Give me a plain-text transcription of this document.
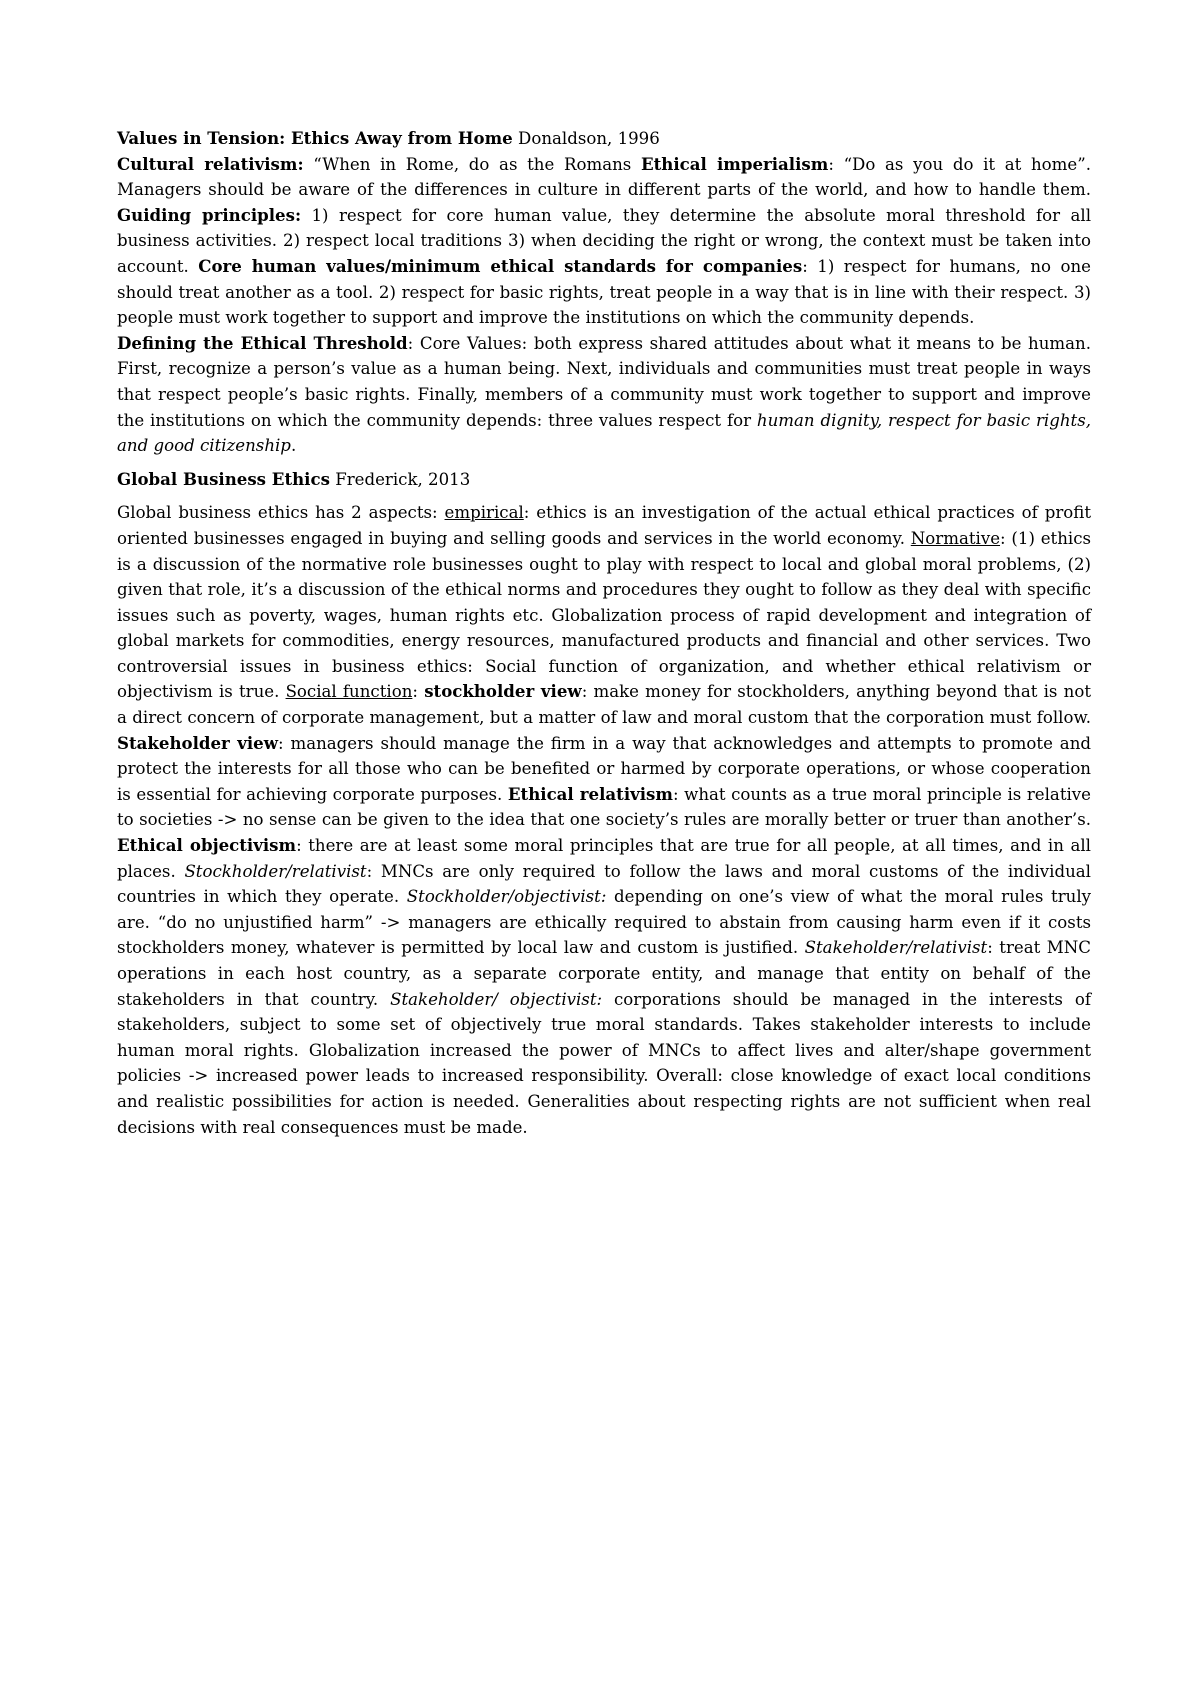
Values in Tension: Ethics Away from Home Donaldson, 1996
Cultural relativism: “When in Rome, do as the Romans Ethical imperialism: “Do as you do it at home”. Managers should be aware of the differences in culture in different parts of the world, and how to handle them. Guiding principles: 1) respect for core human value, they determine the absolute moral threshold for all business activities. 2) respect local traditions 3) when deciding the right or wrong, the context must be taken into account. Core human values/minimum ethical standards for companies: 1) respect for humans, no one should treat another as a tool. 2) respect for basic rights, treat people in a way that is in line with their respect. 3) people must work together to support and improve the institutions on which the community depends.

Defining the Ethical Threshold: Core Values: both express shared attitudes about what it means to be human. First, recognize a person’s value as a human being. Next, individuals and communities must treat people in ways that respect people’s basic rights. Finally, members of a community must work together to support and improve the institutions on which the community depends: three values respect for human dignity, respect for basic rights, and good citizenship.

Global Business Ethics Frederick, 2013

Global business ethics has 2 aspects: empirical: ethics is an investigation of the actual ethical practices of profit oriented businesses engaged in buying and selling goods and services in the world economy. Normative: (1) ethics is a discussion of the normative role businesses ought to play with respect to local and global moral problems, (2) given that role, it’s a discussion of the ethical norms and procedures they ought to follow as they deal with specific issues such as poverty, wages, human rights etc. Globalization process of rapid development and integration of global markets for commodities, energy resources, manufactured products and financial and other services. Two controversial issues in business ethics: Social function of organization, and whether ethical relativism or objectivism is true. Social function: stockholder view: make money for stockholders, anything beyond that is not a direct concern of corporate management, but a matter of law and moral custom that the corporation must follow. Stakeholder view: managers should manage the firm in a way that acknowledges and attempts to promote and protect the interests for all those who can be benefited or harmed by corporate operations, or whose cooperation is essential for achieving corporate purposes. Ethical relativism: what counts as a true moral principle is relative to societies -> no sense can be given to the idea that one society’s rules are morally better or truer than another’s. Ethical objectivism: there are at least some moral principles that are true for all people, at all times, and in all places. Stockholder/relativist: MNCs are only required to follow the laws and moral customs of the individual countries in which they operate. Stockholder/objectivist: depending on one’s view of what the moral rules truly are. “do no unjustified harm” -> managers are ethically required to abstain from causing harm even if it costs stockholders money, whatever is permitted by local law and custom is justified. Stakeholder/relativist: treat MNC operations in each host country, as a separate corporate entity, and manage that entity on behalf of the stakeholders in that country. Stakeholder/ objectivist: corporations should be managed in the interests of stakeholders, subject to some set of objectively true moral standards. Takes stakeholder interests to include human moral rights. Globalization increased the power of MNCs to affect lives and alter/shape government policies -> increased power leads to increased responsibility. Overall: close knowledge of exact local conditions and realistic possibilities for action is needed. Generalities about respecting rights are not sufficient when real decisions with real consequences must be made.
